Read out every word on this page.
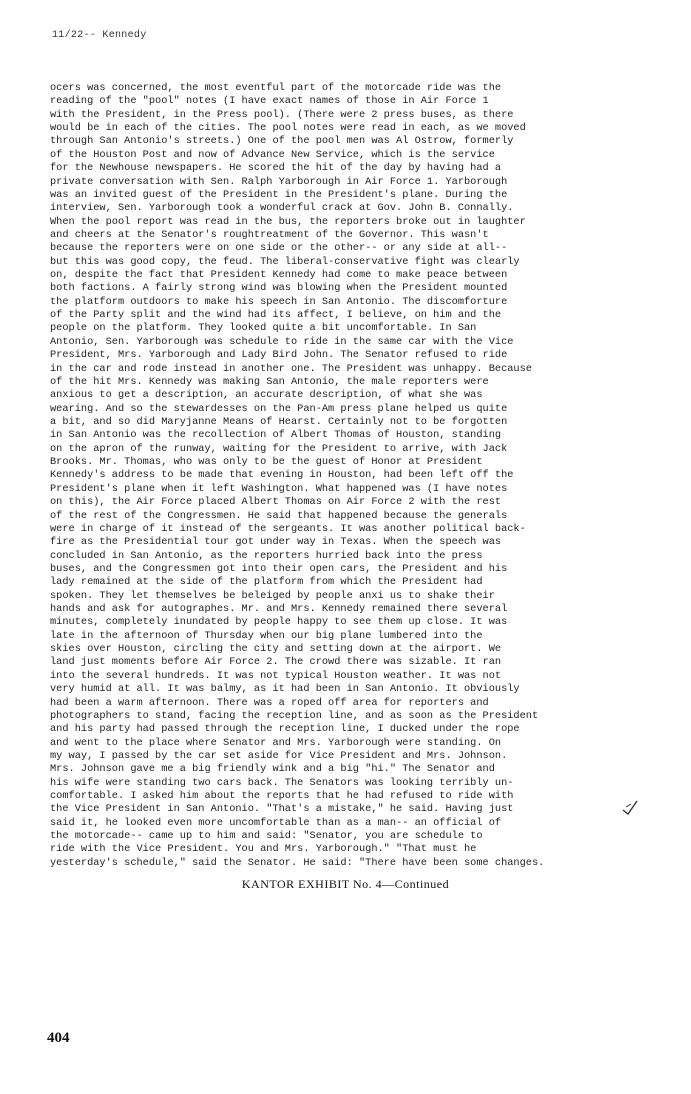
11/22-- Kennedy
ocers was concerned, the most eventful part of the motorcade ride was the
reading of the "pool" notes (I have exact names of those in Air Force 1
with the President, in the Press pool). (There were 2 press buses, as there
would be in each of the cities. The pool notes were read in each, as we moved
through San Antonio's streets.) One of the pool men was Al Ostrow, formerly
of the Houston Post and now of Advance New Service, which is the service
for the Newhouse newspapers. He scored the hit of the day by having had a
private conversation with Sen. Ralph Yarborough in Air Force 1. Yarborough
was an invited guest of the President in the President's plane. During the
interview, Sen. Yarborough took a wonderful crack at Gov. John B. Connally.
When the pool report was read in the bus, the reporters broke out in laughter
and cheers at the Senator's roughtreatment of the Governor. This wasn't
because the reporters were on one side or the other-- or any side at all--
but this was good copy, the feud. The liberal-conservative fight was clearly
on, despite the fact that President Kennedy had come to make peace between
both factions. A fairly strong wind was blowing when the President mounted
the platform outdoors to make his speech in San Antonio. The discomforture
of the Party split and the wind had its affect, I believe, on him and the
people on the platform. They looked quite a bit uncomfortable. In San
Antonio, Sen. Yarborough was schedule to ride in the same car with the Vice
President, Mrs. Yarborough and Lady Bird John. The Senator refused to ride
in the car and rode instead in another one. The President was unhappy. Because
of the hit Mrs. Kennedy was making San Antonio, the male reporters were
anxious to get a description, an accurate description, of what she was
wearing. And so the stewardesses on the Pan-Am press plane helped us quite
a bit, and so did Maryjanne Means of Hearst. Certainly not to be forgotten
in San Antonio was the recollection of Albert Thomas of Houston, standing
on the apron of the runway, waiting for the President to arrive, with Jack
Brooks. Mr. Thomas, who was only to be the guest of Honor at President
Kennedy's address to be made that evening in Houston, had been left off the
President's plane when it left Washington. What happened was (I have notes
on this), the Air Force placed Albert Thomas on Air Force 2 with the rest
of the rest of the Congressmen. He said that happened because the generals
were in charge of it instead of the sergeants. It was another political back-
fire as the Presidential tour got under way in Texas. When the speech was
concluded in San Antonio, as the reporters hurried back into the press
buses, and the Congressmen got into their open cars, the President and his
lady remained at the side of the platform from which the President had
spoken. They let themselves be beleiged by people anxi us to shake their
hands and ask for autographes. Mr. and Mrs. Kennedy remained there several
minutes, completely inundated by people happy to see them up close. It was
late in the afternoon of Thursday when our big plane lumbered into the
skies over Houston, circling the city and setting down at the airport. We
land just moments before Air Force 2. The crowd there was sizable. It ran
into the several hundreds. It was not typical Houston weather. It was not
very humid at all. It was balmy, as it had been in San Antonio. It obviously
had been a warm afternoon. There was a roped off area for reporters and
photographers to stand, facing the reception line, and as soon as the President
and his party had passed through the reception line, I ducked under the rope
and went to the place where Senator and Mrs. Yarborough were standing. On
my way, I passed by the car set aside for Vice President and Mrs. Johnson.
Mrs. Johnson gave me a big friendly wink and a big "hi." The Senator and
his wife were standing two cars back. The Senators was looking terribly un-
comfortable. I asked him about the reports that he had refused to ride with
the Vice President in San Antonio. "That's a mistake," he said. Having just
said it, he looked even more uncomfortable than as a man-- an official of
the motorcade-- came up to him and said: "Senator, you are schedule to
ride with the Vice President. You and Mrs. Yarborough." "That must he
yesterday's schedule," said the Senator. He said: "There have been some changes.
KANTOR EXHIBIT No. 4—Continued
404
